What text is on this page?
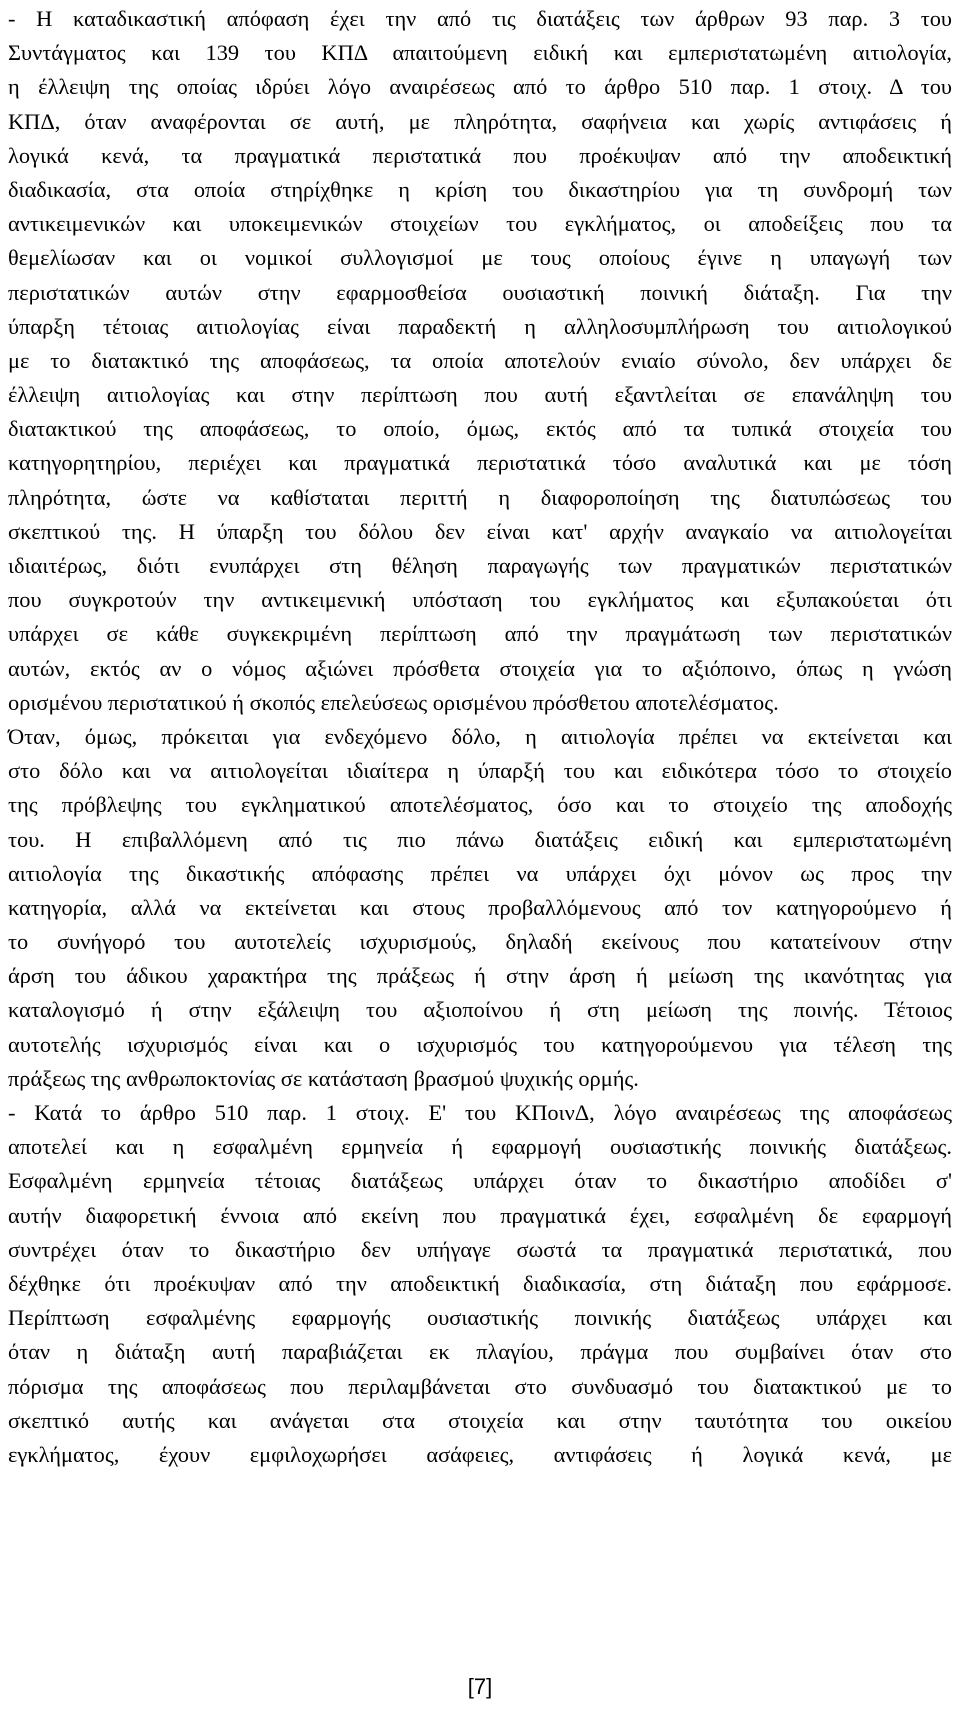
- Η καταδικαστική απόφαση έχει την από τις διατάξεις των άρθρων 93 παρ. 3 του
Συντάγματος και 139 του ΚΠΔ απαιτούμενη ειδική και εμπεριστατωμένη αιτιολογία,
η έλλειψη της οποίας ιδρύει λόγο αναιρέσεως από το άρθρο 510 παρ. 1 στοιχ. Δ του
ΚΠΔ, όταν αναφέρονται σε αυτή, με πληρότητα, σαφήνεια και χωρίς αντιφάσεις ή
λογικά κενά, τα πραγματικά περιστατικά που προέκυψαν από την αποδεικτική
διαδικασία, στα οποία στηρίχθηκε η κρίση του δικαστηρίου για τη συνδρομή των
αντικειμενικών και υποκειμενικών στοιχείων του εγκλήματος, οι αποδείξεις που τα
θεμελίωσαν και οι νομικοί συλλογισμοί με τους οποίους έγινε η υπαγωγή των
περιστατικών αυτών στην εφαρμοσθείσα ουσιαστική ποινική διάταξη. Για την
ύπαρξη τέτοιας αιτιολογίας είναι παραδεκτή η αλληλοσυμπλήρωση του αιτιολογικού
με το διατακτικό της αποφάσεως, τα οποία αποτελούν ενιαίο σύνολο, δεν υπάρχει δε
έλλειψη αιτιολογίας και στην περίπτωση που αυτή εξαντλείται σε επανάληψη του
διατακτικού της αποφάσεως, το οποίο, όμως, εκτός από τα τυπικά στοιχεία του
κατηγορητηρίου, περιέχει και πραγματικά περιστατικά τόσο αναλυτικά και με τόση
πληρότητα, ώστε να καθίσταται περιττή η διαφοροποίηση της διατυπώσεως του
σκεπτικού της. Η ύπαρξη του δόλου δεν είναι κατ' αρχήν αναγκαίο να αιτιολογείται
ιδιαιτέρως, διότι ενυπάρχει στη θέληση παραγωγής των πραγματικών περιστατικών
που συγκροτούν την αντικειμενική υπόσταση του εγκλήματος και εξυπακούεται ότι
υπάρχει σε κάθε συγκεκριμένη περίπτωση από την πραγμάτωση των περιστατικών
αυτών, εκτός αν ο νόμος αξιώνει πρόσθετα στοιχεία για το αξιόποινο, όπως η γνώση
ορισμένου περιστατικού ή σκοπός επελεύσεως ορισμένου πρόσθετου αποτελέσματος.
Όταν, όμως, πρόκειται για ενδεχόμενο δόλο, η αιτιολογία πρέπει να εκτείνεται και
στο δόλο και να αιτιολογείται ιδιαίτερα η ύπαρξή του και ειδικότερα τόσο το στοιχείο
της πρόβλεψης του εγκληματικού αποτελέσματος, όσο και το στοιχείο της αποδοχής
του. Η επιβαλλόμενη από τις πιο πάνω διατάξεις ειδική και εμπεριστατωμένη
αιτιολογία της δικαστικής απόφασης πρέπει να υπάρχει όχι μόνον ως προς την
κατηγορία, αλλά να εκτείνεται και στους προβαλλόμενους από τον κατηγορούμενο ή
το συνήγορό του αυτοτελείς ισχυρισμούς, δηλαδή εκείνους που κατατείνουν στην
άρση του άδικου χαρακτήρα της πράξεως ή στην άρση ή μείωση της ικανότητας για
καταλογισμό ή στην εξάλειψη του αξιοποίνου ή στη μείωση της ποινής. Τέτοιος
αυτοτελής ισχυρισμός είναι και ο ισχυρισμός του κατηγορούμενου για τέλεση της
πράξεως της ανθρωποκτονίας σε κατάσταση βρασμού ψυχικής ορμής.
- Κατά το άρθρο 510 παρ. 1 στοιχ. Ε' του ΚΠοινΔ, λόγο αναιρέσεως της αποφάσεως
αποτελεί και η εσφαλμένη ερμηνεία ή εφαρμογή ουσιαστικής ποινικής διατάξεως.
Εσφαλμένη ερμηνεία τέτοιας διατάξεως υπάρχει όταν το δικαστήριο αποδίδει σ'
αυτήν διαφορετική έννοια από εκείνη που πραγματικά έχει, εσφαλμένη δε εφαρμογή
συντρέχει όταν το δικαστήριο δεν υπήγαγε σωστά τα πραγματικά περιστατικά, που
δέχθηκε ότι προέκυψαν από την αποδεικτική διαδικασία, στη διάταξη που εφάρμοσε.
Περίπτωση εσφαλμένης εφαρμογής ουσιαστικής ποινικής διατάξεως υπάρχει και
όταν η διάταξη αυτή παραβιάζεται εκ πλαγίου, πράγμα που συμβαίνει όταν στο
πόρισμα της αποφάσεως που περιλαμβάνεται στο συνδυασμό του διατακτικού με το
σκεπτικό αυτής και ανάγεται στα στοιχεία και στην ταυτότητα του οικείου
εγκλήματος, έχουν εμφιλοχωρήσει ασάφειες, αντιφάσεις ή λογικά κενά, με
[7]
